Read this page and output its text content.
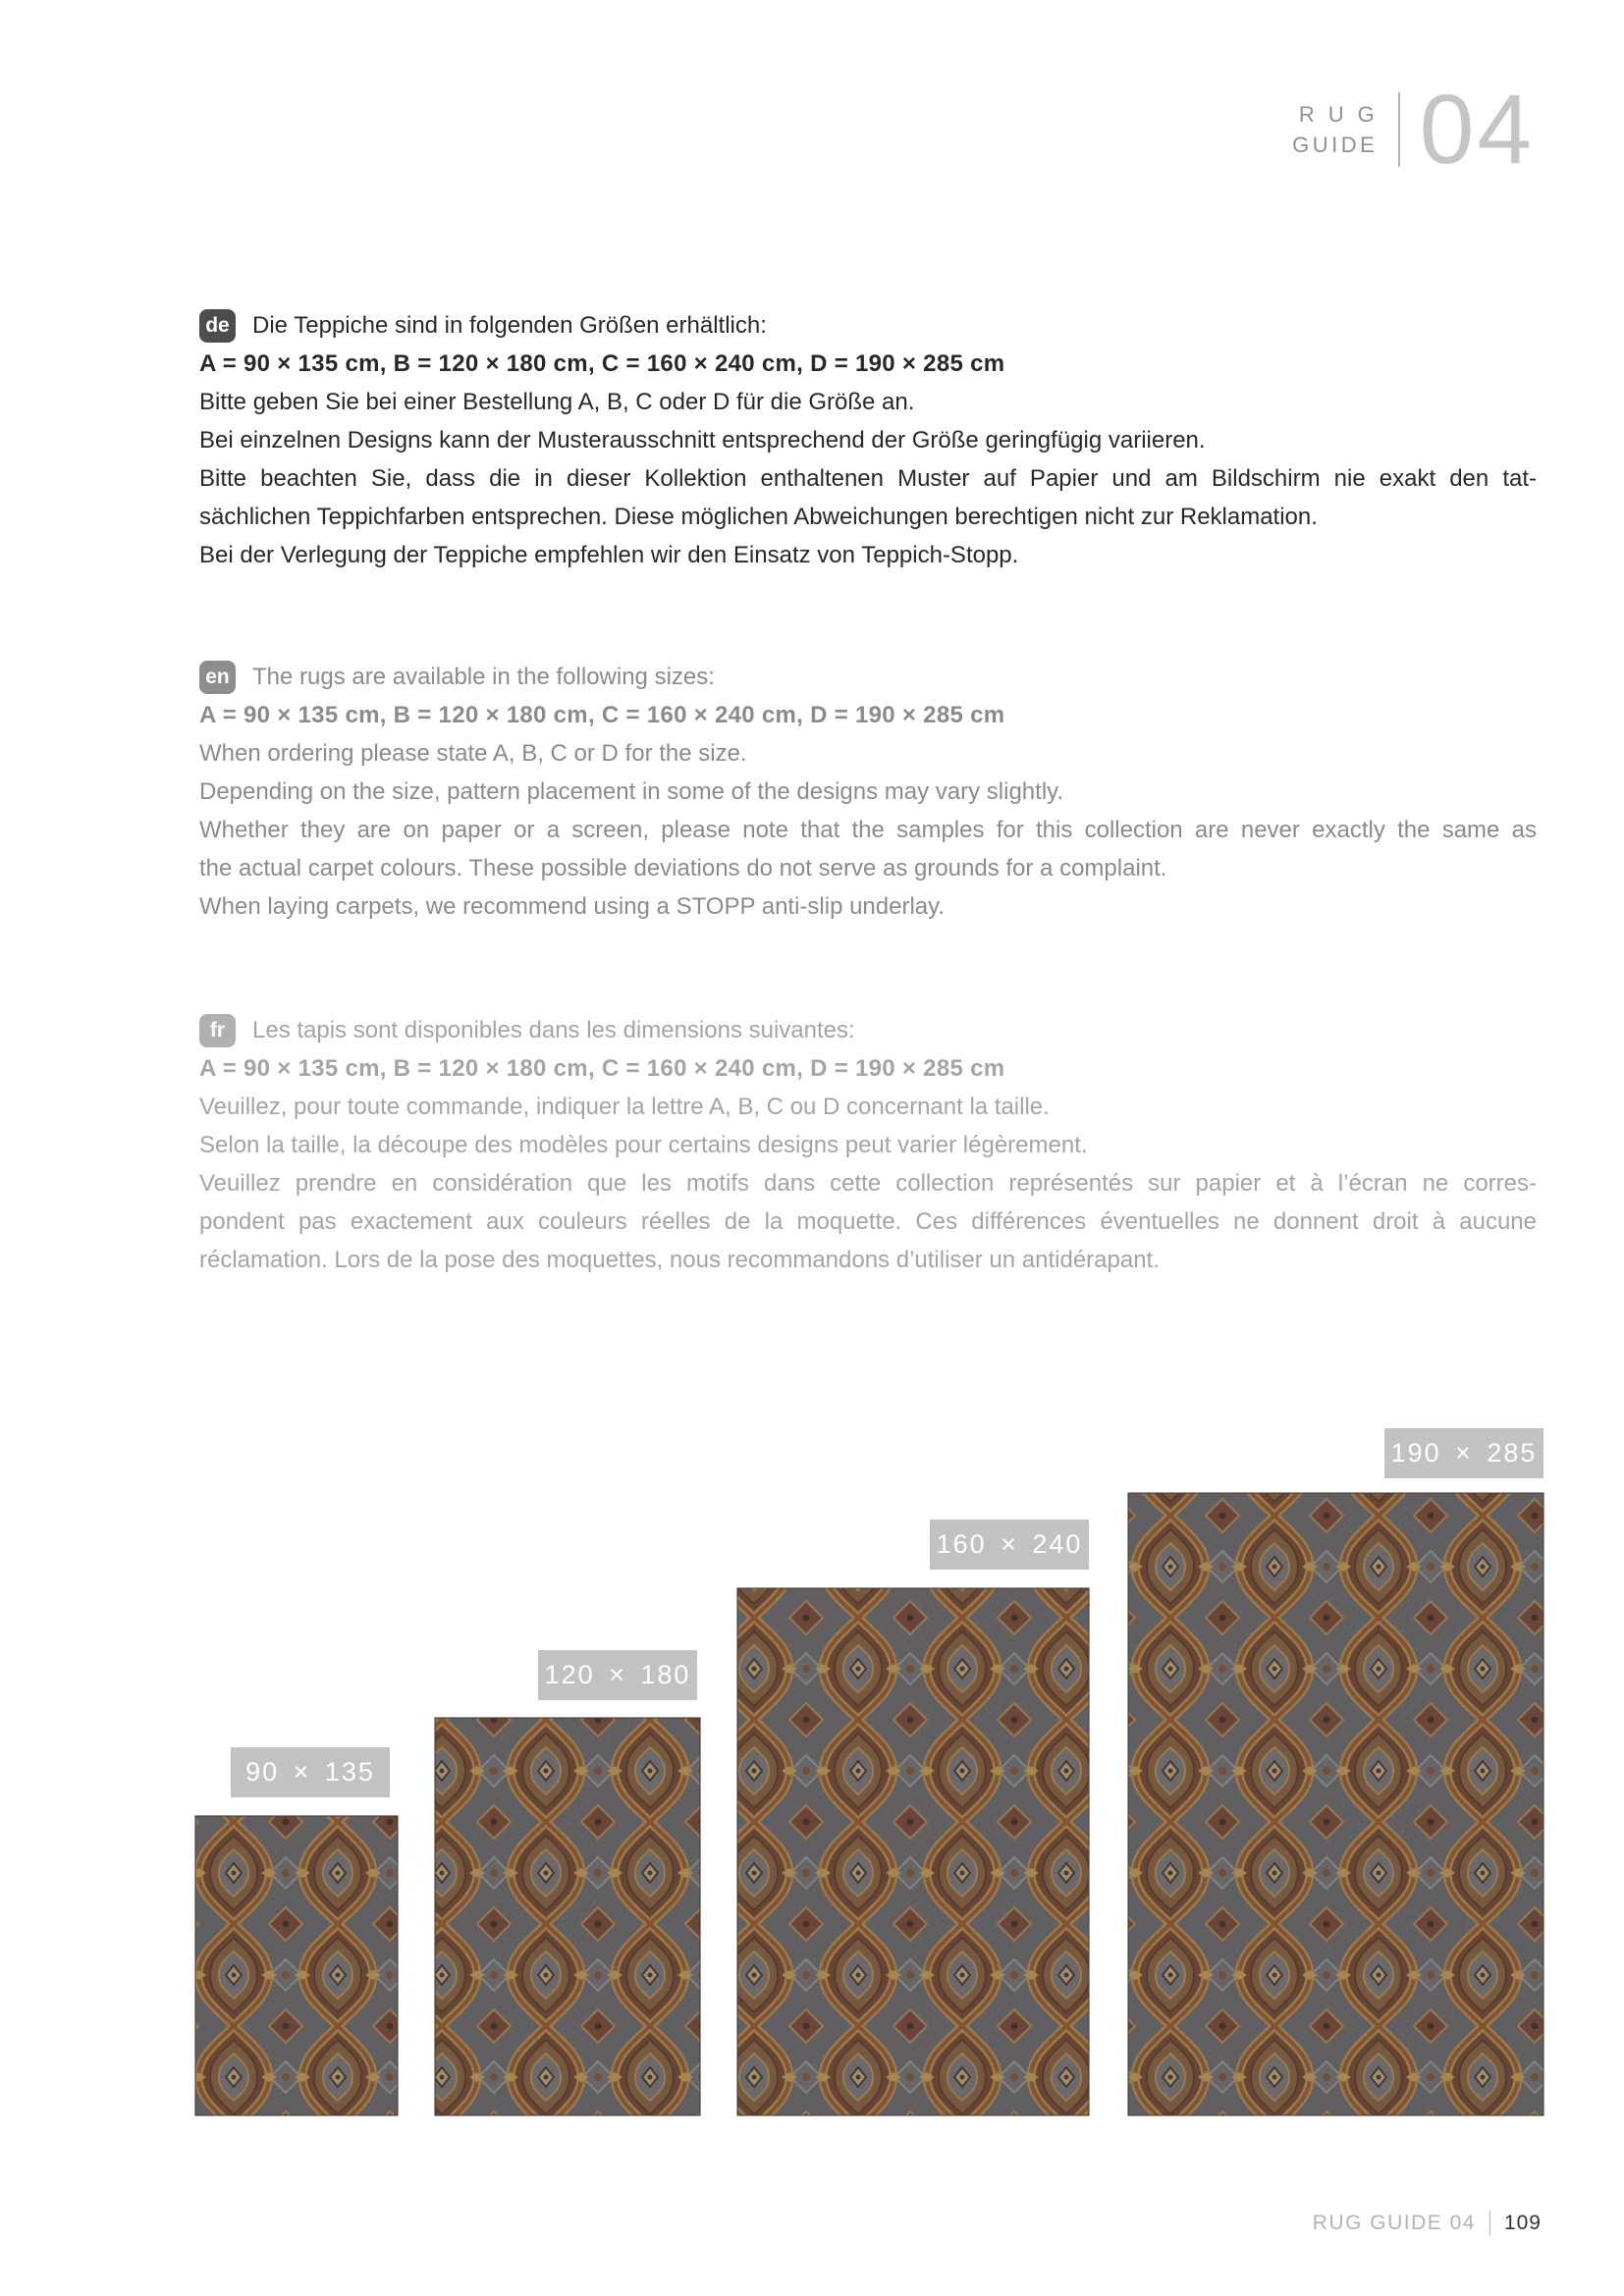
RUG
GUIDE 04
de Die Teppiche sind in folgenden Größen erhältlich:
A = 90 × 135 cm, B = 120 × 180 cm, C = 160 × 240 cm, D = 190 × 285 cm
Bitte geben Sie bei einer Bestellung A, B, C oder D für die Größe an.
Bei einzelnen Designs kann der Musterausschnitt entsprechend der Größe geringfügig variieren.
Bitte beachten Sie, dass die in dieser Kollektion enthaltenen Muster auf Papier und am Bildschirm nie exakt den tat-
sächlichen Teppichfarben entsprechen. Diese möglichen Abweichungen berechtigen nicht zur Reklamation.
Bei der Verlegung der Teppiche empfehlen wir den Einsatz von Teppich-Stopp.
en The rugs are available in the following sizes:
A = 90 × 135 cm, B = 120 × 180 cm, C = 160 × 240 cm, D = 190 × 285 cm
When ordering please state A, B, C or D for the size.
Depending on the size, pattern placement in some of the designs may vary slightly.
Whether they are on paper or a screen, please note that the samples for this collection are never exactly the same as
the actual carpet colours. These possible deviations do not serve as grounds for a complaint.
When laying carpets, we recommend using a STOPP anti-slip underlay.
fr	Les tapis sont disponibles dans les dimensions suivantes:
A = 90 × 135 cm, B = 120 × 180 cm, C = 160 × 240 cm, D = 190 × 285 cm
Veuillez, pour toute commande, indiquer la lettre A, B, C ou D concernant la taille.
Selon la taille, la découpe des modèles pour certains designs peut varier légèrement.
Veuillez prendre en considération que les motifs dans cette collection représentés sur papier et à l’écran ne corres-
pondent pas exactement aux couleurs réelles de la moquette. Ces différences éventuelles ne donnent droit à aucune
réclamation. Lors de la pose des moquettes, nous recommandons d’utiliser un antidérapant.
90 × 135
120 × 180
160 × 240
190 × 285
RUG GUIDE 04 109
